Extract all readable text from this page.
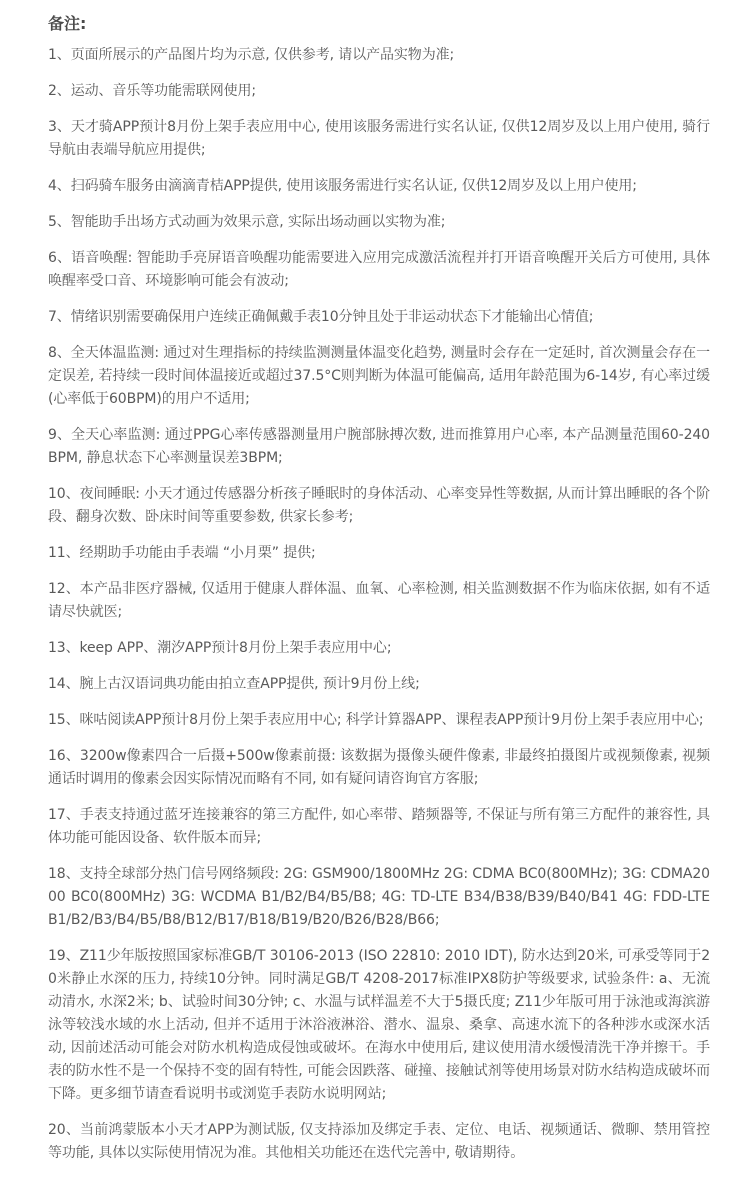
备注:
1、页面所展示的产品图片均为示意, 仅供参考, 请以产品实物为准;
2、运动、音乐等功能需联网使用;
3、天才骑APP预计8月份上架手表应用中心, 使用该服务需进行实名认证, 仅供12周岁及以上用户使用, 骑行导航由表端导航应用提供;
4、扫码骑车服务由滴滴青桔APP提供, 使用该服务需进行实名认证, 仅供12周岁及以上用户使用;
5、智能助手出场方式动画为效果示意, 实际出场动画以实物为准;
6、语音唤醒: 智能助手亮屏语音唤醒功能需要进入应用完成激活流程并打开语音唤醒开关后方可使用, 具体唤醒率受口音、环境影响可能会有波动;
7、情绪识别需要确保用户连续正确佩戴手表10分钟且处于非运动状态下才能输出心情值;
8、全天体温监测: 通过对生理指标的持续监测测量体温变化趋势, 测量时会存在一定延时, 首次测量会存在一定误差, 若持续一段时间体温接近或超过37.5°C则判断为体温可能偏高, 适用年龄范围为6-14岁, 有心率过缓(心率低于60BPM)的用户不适用;
9、全天心率监测: 通过PPG心率传感器测量用户腕部脉搏次数, 进而推算用户心率, 本产品测量范围60-240BPM, 静息状态下心率测量误差3BPM;
10、夜间睡眠: 小天才通过传感器分析孩子睡眠时的身体活动、心率变异性等数据, 从而计算出睡眠的各个阶段、翻身次数、卧床时间等重要参数, 供家长参考;
11、经期助手功能由手表端 “小月栗” 提供;
12、本产品非医疗器械, 仅适用于健康人群体温、血氧、心率检测, 相关监测数据不作为临床依据, 如有不适请尽快就医;
13、keep APP、潮汐APP预计8月份上架手表应用中心;
14、腕上古汉语词典功能由拍立查APP提供, 预计9月份上线;
15、咪咕阅读APP预计8月份上架手表应用中心; 科学计算器APP、课程表APP预计9月份上架手表应用中心;
16、3200w像素四合一后摄+500w像素前摄: 该数据为摄像头硬件像素, 非最终拍摄图片或视频像素, 视频通话时调用的像素会因实际情况而略有不同, 如有疑问请咨询官方客服;
17、手表支持通过蓝牙连接兼容的第三方配件, 如心率带、踏频器等, 不保证与所有第三方配件的兼容性, 具体功能可能因设备、软件版本而异;
18、支持全球部分热门信号网络频段: 2G: GSM900/1800MHz 2G: CDMA BC0(800MHz); 3G: CDMA2000 BC0(800MHz) 3G: WCDMA B1/B2/B4/B5/B8; 4G: TD-LTE B34/B38/B39/B40/B41 4G: FDD-LTE B1/B2/B3/B4/B5/B8/B12/B17/B18/B19/B20/B26/B28/B66;
19、Z11少年版按照国家标准GB/T 30106-2013 (ISO 22810: 2010 IDT), 防水达到20米, 可承受等同于20米静止水深的压力, 持续10分钟。同时满足GB/T 4208-2017标准IPX8防护等级要求, 试验条件: a、无流动清水, 水深2米; b、试验时间30分钟; c、水温与试样温差不大于5摄氏度; Z11少年版可用于泳池或海滨游泳等较浅水域的水上活动, 但并不适用于沐浴液淋浴、潜水、温泉、桑拿、高速水流下的各种涉水或深水活动, 因前述活动可能会对防水机构造成侵蚀或破坏。在海水中使用后, 建议使用清水缓慢清洗干净并擦干。手表的防水性不是一个保持不变的固有特性, 可能会因跌落、碰撞、接触试剂等使用场景对防水结构造成破坏而下降。更多细节请查看说明书或浏览手表防水说明网站;
20、当前鸿蒙版本小天才APP为测试版, 仅支持添加及绑定手表、定位、电话、视频通话、微聊、禁用管控等功能, 具体以实际使用情况为准。其他相关功能还在迭代完善中, 敬请期待。
